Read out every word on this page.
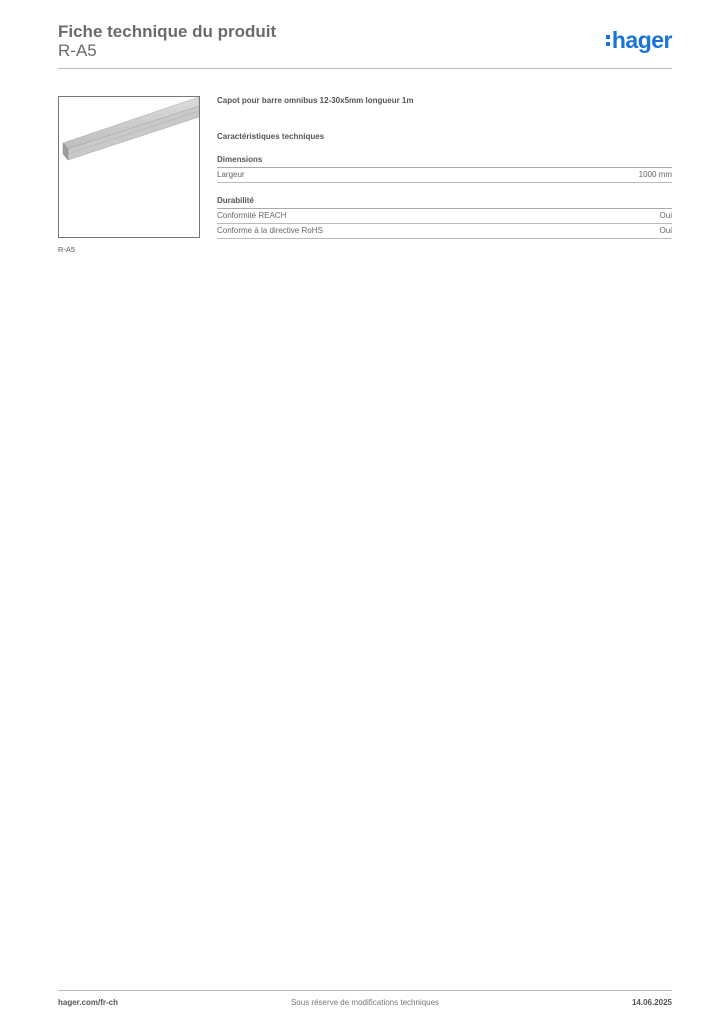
Fiche technique du produit
R-A5	hager
R-A5
Capot pour barre omnibus 12-30x5mm longueur 1m
Caractéristiques techniques
Dimensions
Largeur	1000 mm
Durabilité
Conformité REACH	Oui
Conforme à la directive RoHS	Oui
hager.com/fr-ch	Sous réserve de modifications techniques	14.06.2025
